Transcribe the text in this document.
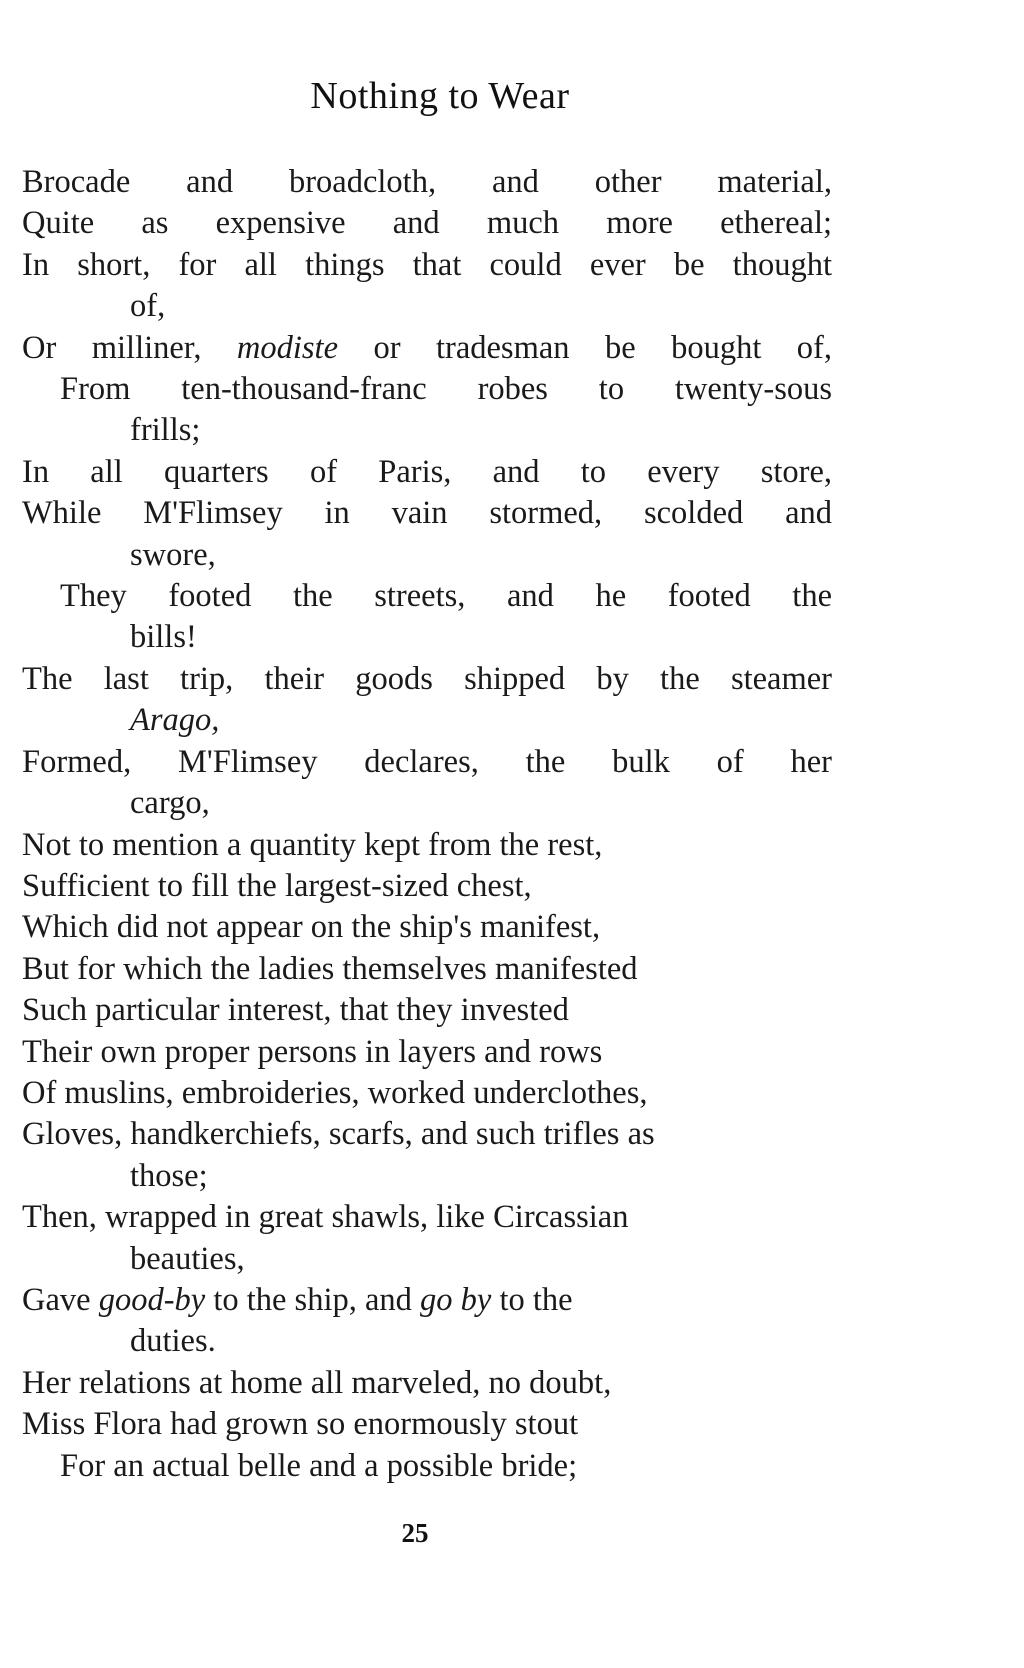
Nothing to Wear
Brocade and broadcloth, and other material,
Quite as expensive and much more ethereal;
In short, for all things that could ever be thought
of,
Or milliner, modiste or tradesman be bought of,
From ten-thousand-franc robes to twenty-sous
frills;
In all quarters of Paris, and to every store,
While M'Flimsey in vain stormed, scolded and
swore,
They footed the streets, and he footed the
bills!
The last trip, their goods shipped by the steamer
Arago,
Formed, M'Flimsey declares, the bulk of her
cargo,
Not to mention a quantity kept from the rest,
Sufficient to fill the largest-sized chest,
Which did not appear on the ship's manifest,
But for which the ladies themselves manifested
Such particular interest, that they invested
Their own proper persons in layers and rows
Of muslins, embroideries, worked underclothes,
Gloves, handkerchiefs, scarfs, and such trifles as
those;
Then, wrapped in great shawls, like Circassian
beauties,
Gave good-by to the ship, and go by to the
duties.
Her relations at home all marveled, no doubt,
Miss Flora had grown so enormously stout
For an actual belle and a possible bride;
25
